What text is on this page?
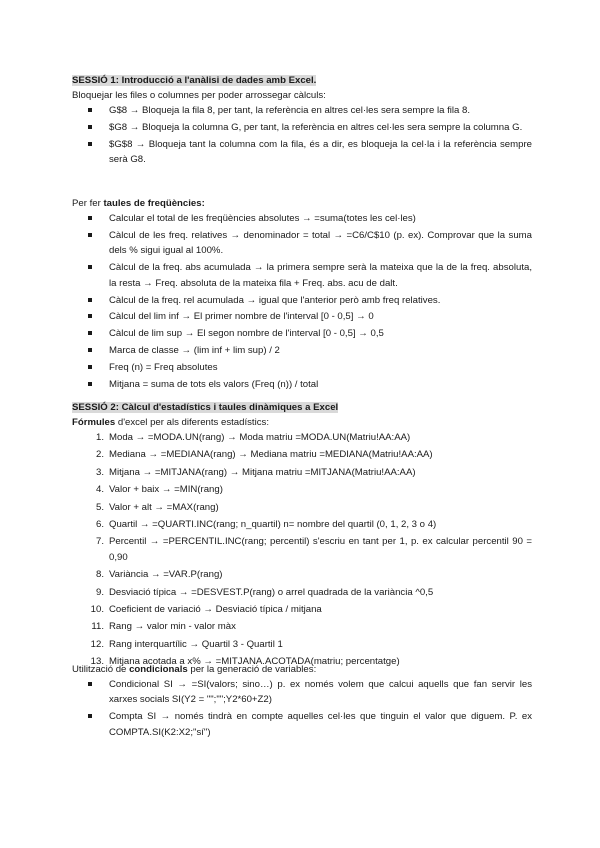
SESSIÓ 1: Introducció a l'anàlisi de dades amb Excel.

Bloquejar les files o columnes per poder arrossegar càlculs:

G$8 → Bloqueja la fila 8, per tant, la referència en altres cel·les sera sempre la fila 8.
$G8 → Bloqueja la columna G, per tant, la referència en altres cel·les sera sempre la columna G.
$G$8 → Bloqueja tant la columna com la fila, és a dir, es bloqueja la cel·la i la referència sempre serà G8.

Per fer taules de freqüències:

Calcular el total de les freqüències absolutes → =suma(totes les cel·les)
Càlcul de les freq. relatives → denominador = total → =C6/C$10 (p. ex). Comprovar que la suma dels % sigui igual al 100%.
Càlcul de la freq. abs acumulada → la primera sempre serà la mateixa que la de la freq. absoluta, la resta → Freq. absoluta de la mateixa fila + Freq. abs. acu de dalt.
Càlcul de la freq. rel acumulada → igual que l'anterior però amb freq relatives.
Càlcul del lim inf → El primer nombre de l'interval [0 - 0,5] → 0
Càlcul de lim sup → El segon nombre de l'interval [0 - 0,5] → 0,5
Marca de classe → (lim inf + lim sup) / 2
Freq (n) = Freq absolutes
Mitjana = suma de tots els valors (Freq (n)) / total

SESSIÓ 2: Càlcul d'estadístics i taules dinàmiques a Excel

Fórmules d'excel per als diferents estadístics:

1. Moda → =MODA.UN(rang) → Moda matriu =MODA.UN(Matriu!AA:AA)
2. Mediana → =MEDIANA(rang) → Mediana matriu =MEDIANA(Matriu!AA:AA)
3. Mitjana → =MITJANA(rang) → Mitjana matriu =MITJANA(Matriu!AA:AA)
4. Valor + baix → =MIN(rang)
5. Valor + alt → =MAX(rang)
6. Quartil → =QUARTI.INC(rang; n_quartil) n= nombre del quartil (0, 1, 2, 3 o 4)
7. Percentil → =PERCENTIL.INC(rang; percentil) s'escriu en tant per 1, p. ex calcular percentil 90 = 0,90
8. Variància → =VAR.P(rang)
9. Desviació típica → =DESVEST.P(rang) o arrel quadrada de la variància ^0,5
10. Coeficient de variació → Desviació típica / mitjana
11. Rang → valor min - valor màx
12. Rang interquartílic → Quartil 3 - Quartil 1
13. Mitjana acotada a x% → =MITJANA.ACOTADA(matriu; percentatge)

Utilització de condicionals per la generació de variables:

Condicional SI → =SI(valors; sino…) p. ex només volem que calcui aquells que fan servir les xarxes socials SI(Y2 = "";"";Y2*60+Z2)
Compta SI → només tindrà en compte aquelles cel·les que tinguin el valor que diguem. P. ex COMPTA.SI(K2:X2;"sí")
